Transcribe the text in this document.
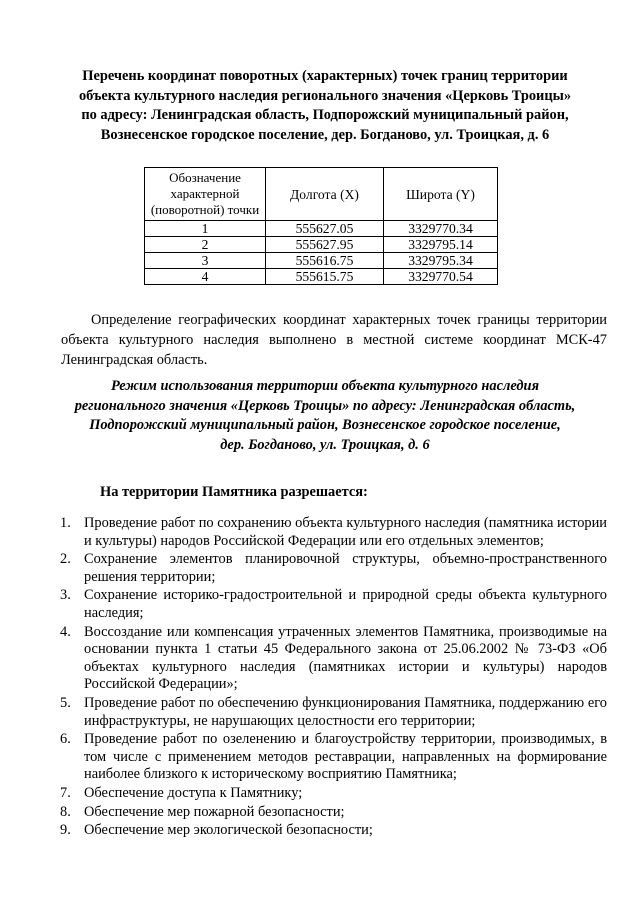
Перечень координат поворотных (характерных) точек границ территории
объекта культурного наследия регионального значения «Церковь Троицы»
по адресу: Ленинградская область, Подпорожский муниципальный район,
Вознесенское городское поселение, дер. Богданово, ул. Троицкая, д. 6
Обозначение характерной (поворотной) точки	Долгота (X)	Широта (Y)
1	555627.05	3329770.34
2	555627.95	3329795.14
3	555616.75	3329795.34
4	555615.75	3329770.54
Определение географических координат характерных точек границы территории объекта культурного наследия выполнено в местной системе координат МСК-47 Ленинградская область.
Режим использования территории объекта культурного наследия
регионального значения «Церковь Троицы» по адресу: Ленинградская область,
Подпорожский муниципальный район, Вознесенское городское поселение,
дер. Богданово, ул. Троицкая, д. 6
На территории Памятника разрешается:
1. Проведение работ по сохранению объекта культурного наследия (памятника истории и культуры) народов Российской Федерации или его отдельных элементов;
2. Сохранение элементов планировочной структуры, объемно-пространственного решения территории;
3. Сохранение историко-градостроительной и природной среды объекта культурного наследия;
4. Воссоздание или компенсация утраченных элементов Памятника, производимые на основании пункта 1 статьи 45 Федерального закона от 25.06.2002 № 73-ФЗ «Об объектах культурного наследия (памятниках истории и культуры) народов Российской Федерации»;
5. Проведение работ по обеспечению функционирования Памятника, поддержанию его инфраструктуры, не нарушающих целостности его территории;
6. Проведение работ по озеленению и благоустройству территории, производимых, в том числе с применением методов реставрации, направленных на формирование наиболее близкого к историческому восприятию Памятника;
7. Обеспечение доступа к Памятнику;
8. Обеспечение мер пожарной безопасности;
9. Обеспечение мер экологической безопасности;
